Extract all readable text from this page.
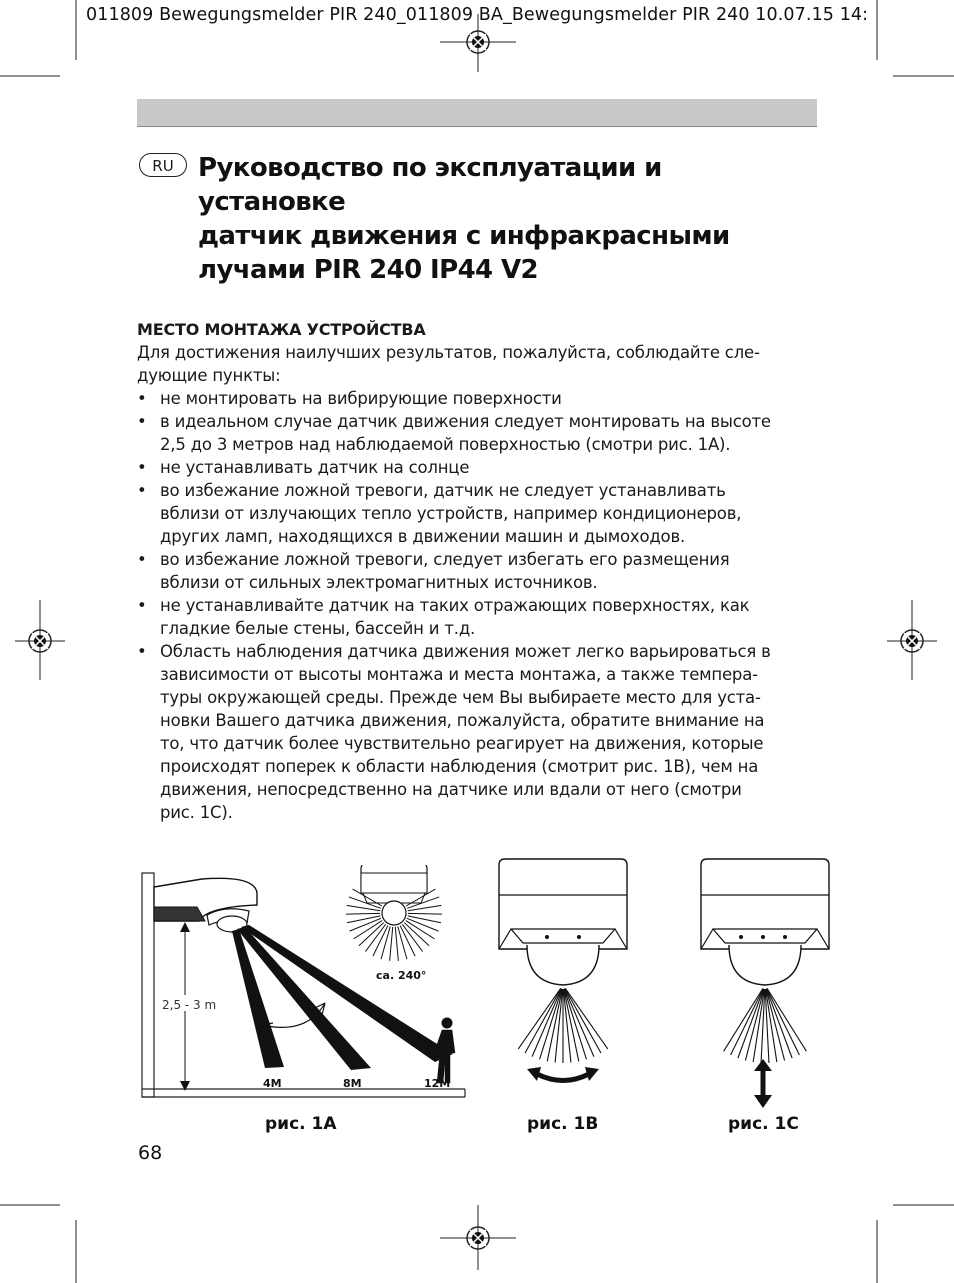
011809 Bewegungsmelder PIR 240_011809 BA_Bewegungsmelder PIR 240 10.07.15 14:
RU Руководство по эксплуатации и
установке
датчик движения с инфракрасными
лучами PIR 240 IP44 V2
МЕСТО МОНТАЖА УСТРОЙСТВА
Для достижения наилучших результатов, пожалуйста, соблюдайте сле-
дующие пункты:
• не монтировать на вибрирующие поверхности
• в идеальном случае датчик движения следует монтировать на высоте
2,5 до 3 метров над наблюдаемой поверхностью (смотри рис. 1A).
• не устанавливать датчик на солнце
• во избежание ложной тревоги, датчик не следует устанавливать
вблизи от излучающих тепло устройств, например кондиционеров,
других ламп, находящихся в движении машин и дымоходов.
• во избежание ложной тревоги, следует избегать его размещения
вблизи от сильных электромагнитных источников.
• не устанавливайте датчик на таких отражающих поверхностях, как
гладкие белые стены, бассейн и т.д.
• Область наблюдения датчика движения может легко варьироваться в
зависимости от высоты монтажа и места монтажа, а также темпера-
туры окружающей среды. Прежде чем Вы выбираете место для уста-
новки Вашего датчика движения, пожалуйста, обратите внимание на
то, что датчик более чувствительно реагирует на движения, которые
происходят поперек к области наблюдения (смотрит рис. 1B), чем на
движения, непосредственно на датчике или вдали от него (смотри
рис. 1C).
2,5 - 3 m
4M	8M	12M
ca. 240°
рис. 1A	рис. 1B	рис. 1C
68
